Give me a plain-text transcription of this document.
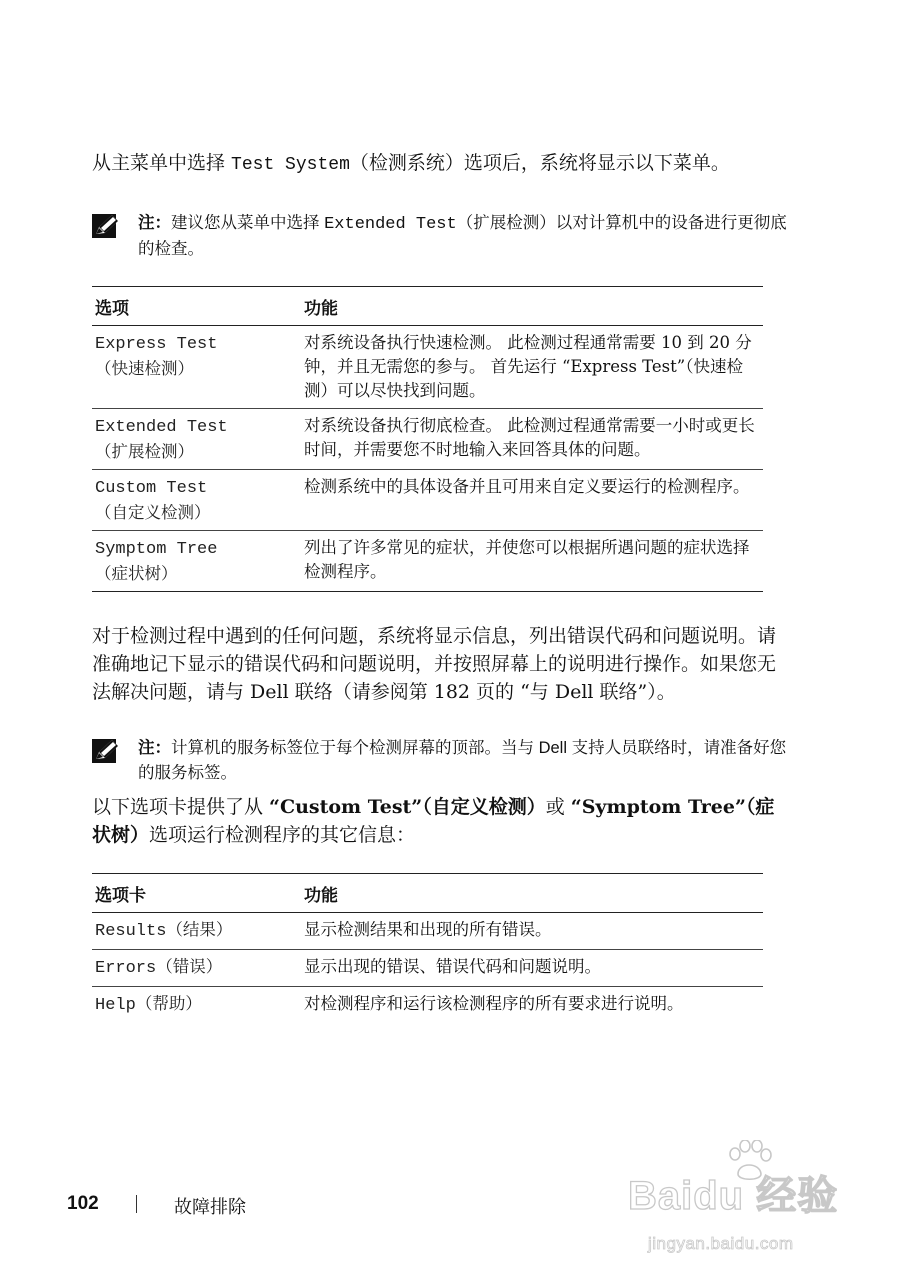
从主菜单中选择 Test System（检测系统）选项后，系统将显示以下菜单。

注：建议您从菜单中选择 Extended Test（扩展检测）以对计算机中的设备进行更彻底的检查。
选项	功能
Express Test
（快速检测）	对系统设备执行快速检测。 此检测过程通常需要 10 到 20 分钟，并且无需您的参与。 首先运行 “Express Test”（快速检测）可以尽快找到问题。
Extended Test
（扩展检测）	对系统设备执行彻底检查。 此检测过程通常需要一小时或更长时间，并需要您不时地输入来回答具体的问题。
Custom Test
（自定义检测）	检测系统中的具体设备并且可用来自定义要运行的检测程序。
Symptom Tree
（症状树）	列出了许多常见的症状，并使您可以根据所遇问题的症状选择检测程序。

对于检测过程中遇到的任何问题，系统将显示信息，列出错误代码和问题说明。请准确地记下显示的错误代码和问题说明，并按照屏幕上的说明进行操作。如果您无法解决问题，请与 Dell 联络（请参阅第 182 页的 “与 Dell 联络”）。

注：计算机的服务标签位于每个检测屏幕的顶部。当与 Dell 支持人员联络时，请准备好您的服务标签。

以下选项卡提供了从 “Custom Test”（自定义检测）或 “Symptom Tree”（症状树）选项运行检测程序的其它信息：

选项卡	功能
Results（结果）	显示检测结果和出现的所有错误。
Errors（错误）	显示出现的错误、错误代码和问题说明。
Help（帮助）	对检测程序和运行该检测程序的所有要求进行说明。
102	故障排除	Baidu 经验
jingyan.baidu.com
